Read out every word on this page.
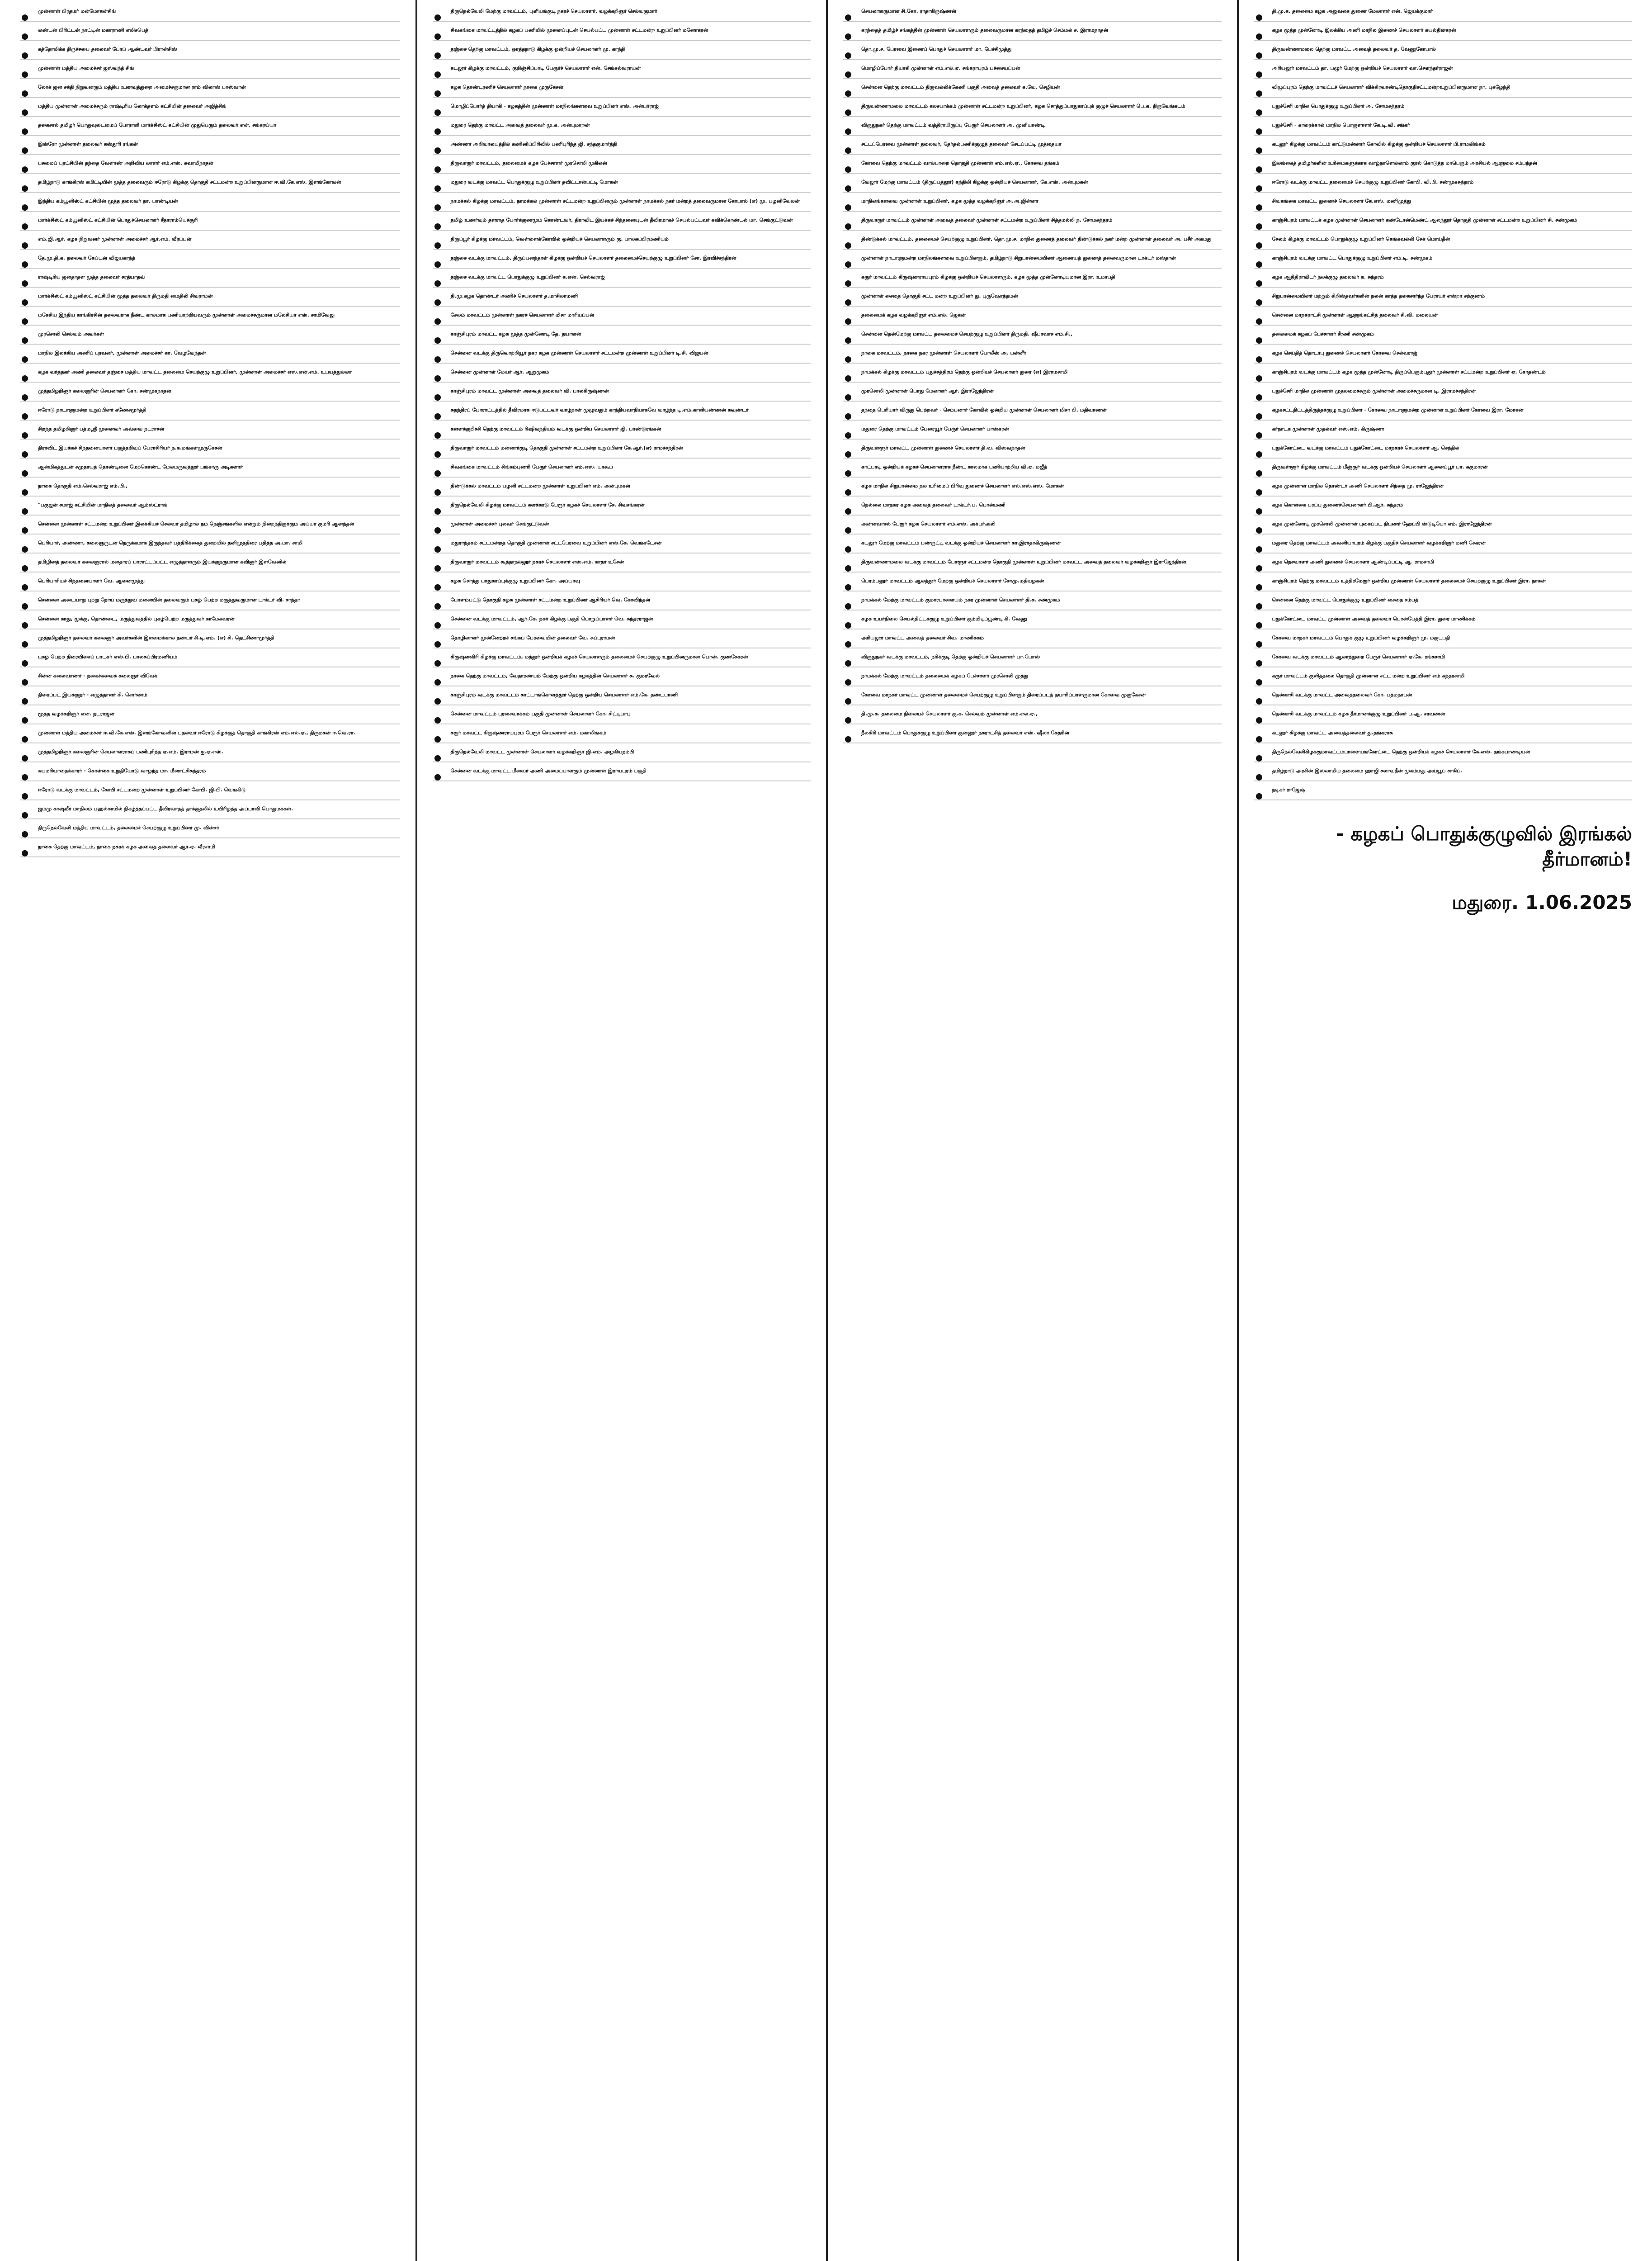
முன்னாள் பிரதமர் மன்மோகன்சிங்

லண்டன் பிரிட்டன் நாட்டின் மகாராணி எலிசபெத்

கத்தோலிக்க திருச்சபை தலைவர் போப் ஆண்டவர் பிரான்சிஸ்

முன்னாள் மத்திய அமைச்சர் ஜஸ்வந்த் சிங்

லோக் ஜன சக்தி நிறுவனரும் மத்திய உணவுத்துறை அமைச்சருமான ராம் விலாஸ் பாஸ்வான்

மத்திய முன்னாள் அமைச்சரும் ராஷ்டிரிய லோக்தளம் கட்சியின் தலைவர் அஜித்சிங்

தகைசால் தமிழர் பொதுவுடைமைப் போராளி மார்க்சிஸ்ட் கட்சியின் முதுபெரும் தலைவர் என். சங்கரய்யா

இஸ்ரோ முன்னாள் தலைவர் கஸ்தூரி ரங்கன்

பசுமைப் புரட்சியின் தந்தை வேளாண் அறிவிய லாளர் எம்.எஸ். சுவாமிநாதன்

தமிழ்நாடு காங்கிரஸ் கமிட்டியின் மூத்த தலைவரும் ஈரோடு கிழக்கு தொகுதி சட்டமன்ற உறுப்பினருமான ஈ.வி.கே.எஸ். இளங்கோவன்

இந்திய கம்யூனிஸ்ட் கட்சியின் மூத்த தலைவர் தா. பாண்டியன்

மார்க்சிஸ்ட் கம்யூனிஸ்ட் கட்சியின் பொதுச்செயலாளர் சீதாராம்யெச்சூரி

எம்.ஜி.ஆர். கழக நிறுவனர் முன்னாள் அமைச்சர் ஆர்.எம். வீரப்பன்

தே.மு.தி.க. தலைவர் கேப்டன் விஜயகாந்த்

ராஷ்டிரிய ஜனதாதள மூத்த தலைவர் சரத்யாதவ்

மார்க்சிஸ்ட் கம்யூனிஸ்ட் கட்சியின் மூத்த தலைவர் திருமதி மைதிலி சிவராமன்

மகேசிய இந்திய காங்கிரசின் தலைவராக நீண்ட காலமாக பணியாற்றியவரும் முன்னாள் அமைச்சருமான மலேசியா எஸ். சாமிவேலு

முரசொலி செல்வம் அவர்கள்

மாநில இலக்கிய அணிப் புரவலர், முன்னாள் அமைச்சர் கா. வேழவேந்தன்

கழக வர்த்தகர் அணி தலைவர் தஞ்சை மத்திய மாவட்ட தலைமை செயற்குழு உறுப்பினர், முன்னாள் அமைச்சர் எஸ்.என்.எம். உபயத்துல்லா

முத்தமிழறிஞர் கலைஞரின் செயலாளர் கோ. சண்முகநாதன்

ஈரோடு நாடாளுமன்ற உறுப்பினர் கணேசமூர்த்தி

சிறந்த தமிழறிஞர் பத்மஸ்ரீ முனைவர் அவ்வை நடராசன்

திராவிட இயக்கச் சிந்தனையாளர் பகுத்தறிவுப் பேராசிரியர் ந.க.மங்களமுருகேசன்

ஆன்மிகத்துடன் சமுதாயத் தொண்டினை மேற்கொண்ட மேல்மருவத்தூர் பங்காரு அடிகளார்

நாகை தொகுதி எம்.செல்வராஜ் எம்.பி.,

"பகுஜன் சமாஜ் கட்சியின் மாநிலத் தலைவர் ஆம்ஸ்ட்ராங்

சென்னை முன்னாள் சட்டமன்ற உறுப்பினர் இலக்கியச் செல்வர் தமிழால் நம் நெஞ்சங்களில் என்றும் நிறைந்திருக்கும் அய்யா குமரி ஆனந்தன்

பெரியார், அண்ணா, கலைஞருடன் நெருக்கமாக இருந்தவர் பத்திரிக்கைத் துறையில் தனிமுத்திரை பதித்த அ.மா. சாமி

தமிழினத் தலைவர் கலைஞரால் மனதாரப் பாராட்டப்பட்ட எழுத்தாளரும் இயக்குநருமான கவிஞர் இளவேனில்

பெரியாரியச் சிந்தனையாளர் வே. ஆனைமுத்து

சென்னை அடையாறு புற்று நோய் மருத்துவ மனையின் தலைவரும் புகழ் பெற்ற மருத்துவருமான டாக்டர் வி. சாந்தா

சென்னை காது, மூக்கு, தொண்டை, மருத்துவத்தில் புகழ்பெற்ற மருத்துவர் காமேசுவரன்

முத்தமிழறிஞர் தலைவர் கலைஞர் அவர்களின் இளமைக்கால நண்பர் சி.டி.எம். (எ) சி. தெட்சிணாமூர்த்தி

புகழ் பெற்ற திரையிசைப் பாடகர் எஸ்.பி. பாலசுப்பிரமணியம்

சின்ன கலைவாணர் - நகைச்சுவைக் கலைஞர் விவேக்

திரைப்பட இயக்குநர் - எழுத்தாளர் கி. சொர்ணம்

மூத்த வழக்கறிஞர் என். நடராஜன்

முன்னாள் மத்திய அமைச்சர் ஈ.வி.கே.எஸ். இளங்கோவனின் புதல்வர் ஈரோடு கிழக்குத் தொகுதி காங்கிரஸ் எம்.எல்.ஏ., திருமகன் ஈ.வெ.ரா.

முத்தமிழறிஞர் கலைஞரின் செயலாளராகப் பணிபுரிந்த ஏ.எம். இராமன் ஐ.ஏ.எஸ்.

சுயமரியாதைக்காரர் - கொள்கை உறுதியோடு வாழ்ந்த மா. மீனாட்சிசுந்தரம்

ஈரோடு வடக்கு மாவட்டம், கோபி சட்டமன்ற முன்னாள் உறுப்பினர் கோபி. ஜி.பி. வெங்கிடு

ஜம்மு காஷ்மீர் மாநிலம் பஹல்காமில் நிகழ்த்தப்பட்ட தீவிரவாதத் தாக்குதலில் உயிரிழந்த அப்பாவி பொதுமக்கள்.

திருநெல்வேலி மத்திய மாவட்டம், தலைமைச் செயற்குழு உறுப்பினர் மு. வின்சர்

நாகை தெற்கு மாவட்டம், நாகை நகரக் கழக அவைத் தலைவர் ஆர்.ஏ. வீரசாமி

திருநெல்வேலி மேற்கு மாவட்டம், புளியங்குடி நகரச் செயலாளர், வழக்கறிஞர் செல்வகுமார்

சிவகங்கை மாவட்டத்தில் கழகப் பணியில் முனைப்புடன் செயல்பட்ட முன்னாள் சட்டமன்ற உறுப்பினர் மனோகரன்

தஞ்சை தெற்கு மாவட்டம், ஒரத்தநாடு கிழக்கு ஒன்றியச் செயலாளர் மு. காந்தி

கடலூர் கிழக்கு மாவட்டம், குறிஞ்சிப்பாடி பேரூர்ச் செயலாளர் என். சேங்கல்வராயன்

கழக தொண்டரணிச் செயலாளர் நாகை முருகேசன்

மொழிப்போர்த் தியாகி - கழகத்தின் முன்னாள் மாநிலங்களவை உறுப்பினர் எஸ். அன்பர்ராஜ்

மதுரை தெற்கு மாவட்ட அவைத் தலைவர் மு.க. அன்புமாறன்

அண்ணா அறிவாலயத்தில் கணினிப்பிரிவில் பணிபுரிந்த ஜி. சந்தகுமார்த்தி

திருவாரூர் மாவட்டம், தலைமைக் கழக பேச்சாளர் முரசொலி முகிலன்

மதுரை வடக்கு மாவட்ட பொதுக்குழு உறுப்பினர் தவிட்டான்பட்டி மோகன்

நாமக்கல் கிழக்கு மாவட்டம், நாமக்கல் முன்னாள் சட்டமன்ற உறுப்பினரும் முன்னாள் நாமக்கல் நகர் மன்றத் தலைவருமான கோபால் (எ) மு. பழனிவேலன்

தமிழ் உணர்வும் தளராத போர்க்குணமும் கொண்டவர், திராவிட இயக்கச் சிந்தனையுடன் தீவிரமாகச் செயல்பட்டவர் கவிக்கொண்டல் மா. செங்குட்டுவன்

திருப்பூர் கிழக்கு மாவட்டம், வெள்ளைக்கோவில் ஒன்றியச் செயலாளரும் கு. பாலசுப்பிரமணியம்

தஞ்சை வடக்கு மாவட்டம், திருப்பனந்தாள் கிழக்கு ஒன்றியச் செயலாளர் தலைமைச்செயற்குழு உறுப்பினர் சோ. இரவிச்சந்திரன்

தஞ்சை வடக்கு மாவட்ட பொதுக்குழு உறுப்பினர் க.என். செல்வராஜ்

தி.மு.கழக தொண்டர் அணிச் செயலாளர் த.மாசிலாமணி

சேலம் மாவட்டம் முன்னாள் நகரச் செயலாளர் மிசா மாரியப்பன்

காஞ்சிபுரம் மாவட்ட கழக மூத்த முன்னோடி தே. தயாளன்

சென்னை வடக்கு திருவொற்றியூர் நகர கழக முன்னாள் செயலாளர் சட்டமன்ற முன்னாள் உறுப்பினர் டி.சி. விஜயன்

சென்னை முன்னாள் மேயர் ஆர். ஆறுமுகம்

காஞ்சிபுரம் மாவட்ட முன்னாள் அவைத் தலைவர் வி. பாலகிருஷ்ணன்

சுதந்திரப் போராட்டத்தில் தீவிரமாக ஈடுபட்டவர் வாழ்நாள் முழுவதும் காந்தியவாதியாகவே வாழ்ந்த டி.எம்.காளியண்ணன் கவுண்டர்

கள்ளக்குறிச்சி தெற்கு மாவட்டம் ரிஷிவந்தியம் வடக்கு ஒன்றிய செயலாளர் ஜி. பாண்டுரங்கன்

திருவாரூர் மாவட்டம் மன்னார்குடி தொகுதி முன்னாள் சட்டமன்ற உறுப்பினர் கே.ஆர்.(எ) ராமச்சந்திரன்

சிவகங்கை மாவட்டம் சிங்கம்புணரி பேரூர் செயலாளர் எம்.எஸ். யாகூப்

திண்டுக்கல் மாவட்டம் பழனி சட்டமன்ற முன்னாள் உறுப்பினர் எம். அன்புமகன்

திருநெல்வேலி கிழக்கு மாவட்டம் களக்காடு பேரூர் கழகச் செயலாளர் சே. சிவசங்கரன்

முன்னாள் அமைச்சர் புலவர் செங்குட்டுவன்

மதுராந்தகம் சட்டமன்றத் தொகுதி முன்னாள் சட்டபேரவை உறுப்பினர் எஸ்.கே. வெங்கடேசன்

திருவாரூர் மாவட்டம் கூத்தாநல்லூர் நகரச் செயலாளர் எஸ்.எம். காதர் உசேன்

கழக சொத்து பாதுகாப்புக்குழு உறுப்பினர் கோ. அய்யாவு

போளம்பட்டு தொகுதி கழக முன்னாள் சட்டமன்ற உறுப்பினர் ஆசிரியர் வெ. கோவிந்தன்

சென்னை வடக்கு மாவட்டம், ஆர்.கே. நகர் கிழக்கு பகுதி பொறுப்பாளர் வெ. சுந்தரராஜன்

தொழிலாளர் முன்னேற்றச் சங்கப் பேரவையின் தலைவர் வே. சுப்புராமன்

கிருஷ்ணகிரி கிழக்கு மாவட்டம், மத்தூர் ஒன்றியக் கழகச் செயலாளரும் தலைமைச் செயற்குழு உறுப்பினருமான பொன். குணசேகரன்

நாகை தெற்கு மாவட்டம், வேதாரண்யம் மேற்கு ஒன்றிய கழகத்தின் செயலாளர் சு. குமரவேல்

காஞ்சிபுரம் வடக்கு மாவட்டம் காட்டாங்கொளத்தூர் தெற்கு ஒன்றிய செயலாளர் எம்.கே. தண்டபாணி

சென்னை மாவட்டம் புரசைவாக்கம் பகுதி முன்னாள் செயலாளர் கோ. சிட்டிபாபு

கரூர் மாவட்ட கிருஷ்ணராயபுரம் பேரூர் செயலாளர் எம். மகாலிங்கம்

திருநெல்வேலி மாவட்ட முன்னாள் செயலாளர் வழக்கறிஞர் ஜி.எம். அழகியநம்பி

சென்னை வடக்கு மாவட்ட மீனவர் அணி அமைப்பாளரும் முன்னாள் இராயபுரம் பகுதி

செயலாளருமான சி.கோ. ராதாகிருஷ்ணன்

கரந்தைத் தமிழ்ச் சங்கத்தின் முன்னாள் செயலாளரும் தலைவருமான கரந்தைத் தமிழ்ச் செம்மல் ச. இராமநாதன்

தொ.மு.ச. பேரவை இணைப் பொதுச் செயலாளர் மா. பேச்சிமுத்து

மொழிப்போர் தியாகி முன்னாள் எம்.எல்.ஏ. சங்கராபுரம் பச்சையப்பன்

சென்னை தெற்கு மாவட்டம் திருவல்லிக்கேணி பகுதி அவைத் தலைவர் க.வே. செழியன்

திருவண்ணாமலை மாவட்டம் கலசபாக்கம் முன்னாள் சட்டமன்ற உறுப்பினர், கழக சொத்துப்பாதுகாப்புக் குழுச் செயலாளர் பெ.சு. திருவேங்கடம்

விருதுநகர் தெற்கு மாவட்டம் வத்திராயிருப்பு பேரூர் செயலாளர் அ. முனியாண்டி

சட்டப்பேரவை முன்னாள் தலைவர், தேர்தல்பணிக்குழுத் தலைவர் சேடப்பட்டி முத்தையா

கோவை தெற்கு மாவட்டம் வால்பாறை தொகுதி முன்னாள் எம்.எல்.ஏ., கோவை தங்கம்

வேலூர் மேற்கு மாவட்டம் (திருப்பத்தூர்) கந்திலி கிழக்கு ஒன்றியச் செயலாளர், கே.எஸ். அன்புமகன்

மாநிலங்களவை முன்னாள் உறுப்பினர், கழக மூத்த வழக்கறிஞர் அ.அ.ஜின்னா

திருவாரூர் மாவட்டம் முன்னாள் அவைத் தலைவர் முன்னாள் சட்டமன்ற உறுப்பினர் சித்தமல்லி ந. சோமசுந்தரம்

திண்டுக்கல் மாவட்டம், தலைமைச் செயற்குழு உறுப்பினர், தொ.மு.ச. மாநில துணைத் தலைவர் திண்டுக்கல் நகர் மன்ற முன்னாள் தலைவர் அ. பசீர் அகமது

முன்னாள் நாடாளுமன்ற மாநிலங்களவை உறுப்பினரும், தமிழ்நாடு சிறுபான்மையினர் ஆணையத் துணைத் தலைவருமான டாக்டர் மஸ்தான்

கரூர் மாவட்டம் கிருஷ்ணராயபுரம் கிழக்கு ஒன்றியச் செயலாளரும், கழக மூத்த முன்னோடியுமான இரா. உமாபதி

முன்னாள் சைதை தொகுதி சட்ட மன்ற உறுப்பினர் து. புருஷோத்தமன்

தலைமைக் கழக வழக்கறிஞர் எம்.எல். ஜெகன்

சென்னை தென்மேற்கு மாவட்ட தலைமைச் செயற்குழு உறுப்பினர் திருமதி. ஷீபாவாச எம்.சி.,

நாகை மாவட்டம், நாகை நகர முன்னாள் செயலாளர் போலீஸ் அ. பன்னீர்

நாமக்கல் கிழக்கு மாவட்டம் புதுச்சத்திரம் தெற்கு ஒன்றியச் செயலாளர் துரை (எ) இராமசாமி

முரசொலி முன்னாள் பொது மேலாளர் ஆர். இராஜேந்திரன்

தந்தை பெரியார் விருது பெற்றவர் - செம்பனார் கோவில் ஒன்றிய முன்னாள் செயலாளர் மிசா பி. மதிவாணன்

மதுரை தெற்கு மாவட்டம் பேரையூர் பேரூர் செயலாளர் பாஸ்கரன்

திருவள்ளூர் மாவட்ட முன்னாள் துணைச் செயலாளர் தி.வ. விஸ்வநாதன்

காட்பாடி ஒன்றியக் கழகச் செயலாளராக நீண்ட காலமாக பணியாற்றிய வி.ஏ. மஜீத்

கழக மாநில சிறுபான்மை நல உரிமைப் பிரிவு துணைச் செயலாளர் எல்.எஸ்.எஸ். மோகன்

நெல்லை மாநகர கழக அவைத் தலைவர் டாக்டர்.ப. பொன்மணி

அன்னவாசல் பேரூர் கழக செயலாளர் எம்.எஸ். அக்பர்அலி

கடலூர் மேற்கு மாவட்டம் பண்ருட்டி வடக்கு ஒன்றியச் செயலாளர் கா.இராதாகிருஷ்ணன்

திருவண்ணாமலை வடக்கு மாவட்டம் போளூர் சட்டமன்ற தொகுதி முன்னாள் உறுப்பினர் மாவட்ட அவைத் தலைவர் வழக்கறிஞர் இராஜேந்திரன்

பெரம்பலூர் மாவட்டம் ஆலத்தூர் மேற்கு ஒன்றியச் செயலாளர் சோமு.மதியழகன்

நாமக்கல் மேற்கு மாவட்டம் குமாரபாளையம் நகர முன்னாள் செயலாளர் தி.க. சண்முகம்

கழக உயர்நிலை செயல்திட்டக்குழு உறுப்பினர் கும்மிடிப்பூண்டி கி. வேணு

அரியலூர் மாவட்ட அவைத் தலைவர் சிவ. மாணிக்கம்

விருதுநகர் வடக்கு மாவட்டம், நரிக்குடி தெற்கு ஒன்றியச் செயலாளர் பா.போஸ்

நாமக்கல் மேற்கு மாவட்டம் தலைமைக் கழகப் பேச்சாளர் முரசொலி முத்து

கோவை மாநகர் மாவட்ட முன்னாள் தலைமைச் செயற்குழு உறுப்பினரும் திரைப்படத் தயாரிப்பாளருமான கோவை முருகேசன்

தி.மு.க. தலைமை நிலையச் செயலாளர் கு.க. செல்வம் முன்னாள் எம்.எல்.ஏ.,

நீலகிரி மாவட்டம் பொதுக்குழு உறுப்பினர் குன்னூர் நகராட்சித் தலைவர் எஸ். ஷீலா கேதரின்

தி.மு.க. தலைமை கழக அலுவலக துணை மேலாளர் என். ஜெயக்குமார்

கழக மூத்த முன்னோடி இலக்கிய அணி மாநில இணைச் செயலாளர் கயல்தினகரன்

திருவண்ணாமலை தெற்கு மாவட்ட அவைத் தலைவர் த. வேணுகோபால்

அரியலூர் மாவட்டம் தா. பழூர் மேற்கு ஒன்றியச் செயலாளர் வா.சௌந்தர்ராஜன்

விழுப்புரம் தெற்கு மாவட்டச் செயலாளர் விக்கிரவாண்டிதொகுதிசட்டமன்றஉறுப்பினருமான நா. புகழேந்தி

புதுச்சேரி மாநில பொதுக்குழு உறுப்பினர் அ. சோமசுந்தரம்

புதுச்சேரி - காரைக்கால் மாநில பொருளாளர் கே.டி.வி. சங்கர்

கடலூர் கிழக்கு மாவட்டம் காட்டுமன்னார் கோவில் கிழக்கு ஒன்றியச் செயலாளர் பி.ராமலிங்கம்

இலங்கைத் தமிழர்களின் உரிமைகளுக்காக வாழ்நாளெல்லாம் குரல் கொடுத்த மாபெரும் அரசியல் ஆளுமை சம்பந்தன்

ஈரோடு வடக்கு மாவட்ட தலைமைச் செயற்குழு உறுப்பினர் கோபி. வி.பி. சண்முகசுந்தரம்

சிவகங்கை மாவட்ட துணைச் செயலாளர் கே.எஸ். மணிமுத்து

காஞ்சிபுரம் மாவட்டக் கழக முன்னாள் செயலாளர் கண்டோன்மெண்ட் ஆலந்தூர் தொகுதி முன்னாள் சட்டமன்ற உறுப்பினர் சி. சண்முகம்

சேலம் கிழக்கு மாவட்டம் பொதுக்குழு உறுப்பினர் கெங்கவல்லி சேக் மொய்தீன்

காஞ்சிபுரம் வடக்கு மாவட்ட பொதுக்குழு உறுப்பினர் எம்.டி. சண்முகம்

கழக ஆதிதிராவிடர் நலக்குழு தலைவர் க. சுந்தரம்

சிறுபான்மையினர் மற்றும் கிறிஸ்தவர்களின் நலன் காத்த தகைசார்ந்த பேராயர் எஸ்றா சற்குணம்

சென்னை மாநகராட்சி முன்னாள் ஆளுங்கட்சித் தலைவர் சி.வி. மலையன்

தலைமைக் கழகப் பேச்சாளர் சீரணி சண்முகம்

கழக செய்தித் தொடர்பு துணைச் செயலாளர் கோவை செல்வராஜ்

காஞ்சிபுரம் வடக்கு மாவட்டம் கழக மூத்த முன்னோடி திருப்பெரும்புதூர் முன்னாள் சட்டமன்ற உறுப்பினர் ஏ. கோதண்டம்

புதுச்சேரி மாநில முன்னாள் முதலமைச்சரும் முன்னாள் அமைச்சருமான டி. இராமச்சந்திரன்

கழகசட்டதிட்டத்திருத்தக்குழு உறுப்பினர் - கோவை நாடாளுமன்ற முன்னாள் உறுப்பினர் கோவை இரா. மோகன்

கர்நாடக முன்னாள் முதல்வர் எஸ்.எம். கிருஷ்ணா

புதுக்கோட்டை வடக்கு மாவட்டம் புதுக்கோட்டை மாநகரச் செயலாளர் ஆ. செந்தில்

திருவள்ளூர் கிழக்கு மாவட்டம் மீஞ்சூர் வடக்கு ஒன்றியச் செயலாளர் ஆனைப்பூர் பா. சுகுமாரன்

கழக முன்னாள் மாநில தொண்டர் அணி செயலாளர் சிந்தை மு. ராஜேந்திரன்

கழக கொள்கை பரப்பு துணைச்செயலாளர் பி.ஆர். சுந்தரம்

கழக முன்னோடி முரசொலி முன்னாள் புகைப்பட நிபுணர் ஹேப்பி ஸ்டுடியோ எம். இராஜேந்திரன்

மதுரை தெற்கு மாவட்டம் அவனியாபுரம் கிழக்கு பகுதிச் செயலாளர் வழக்கறிஞர் மணி சேகரன்

கழக நெசவாளர் அணி துணைச் செயலாளர் ஆண்டிப்பட்டி ஆ. ராமசாமி

காஞ்சிபுரம் தெற்கு மாவட்டம் உத்திரமேரூர் ஒன்றிய முன்னாள் செயலாளர் தலைமைச் செயற்குழு உறுப்பினர் இரா. நாகன்

சென்னை தெற்கு மாவட்ட பொதுக்குழு உறுப்பினர் சைதை சம்பத்

புதுக்கோட்டை மாவட்ட முன்னாள் அவைத் தலைவர் பொன்பேத்தி இரா. துரை மாணிக்கம்

கோவை மாநகர் மாவட்டம் பொதுக் குழு உறுப்பினர் வழக்கறிஞர் மு. மகுடபதி

கோவை வடக்கு மாவட்டம் ஆலாந்துறை பேரூர் செயலாளர் ஏ.கே. ரங்கசாமி

கரூர் மாவட்டம் குளித்தலை தொகுதி முன்னாள் சட்ட மன்ற உறுப்பினர் எம் சுந்தரசாமி

தென்காசி வடக்கு மாவட்ட அவைத்தலைவர் கோ. பத்மநாபன்

தென்காசி வடக்கு மாவட்டம் கழக தீர்மானக்குழு உறுப்பினர் ப.ஆ. சரவணன்

கடலூர் கிழக்கு மாவட்ட அவைத்தலைவர் து.தங்கராசு

திருநெல்வேலிகிழக்குமாவட்டம்பாளையங்கோட்டை தெற்கு ஒன்றியக் கழகச் செயலாளர் கே.எஸ். தங்கபாண்டியன்

தமிழ்நாடு அரசின் இஸ்லாமிய தலைமை ஹாஜி சலாவுதீன் முகம்மது அய்யூப் சாகிப்.

நடிகர் ராஜேஷ்

- கழகப் பொதுக்குழுவில் இரங்கல் தீர்மானம்!
மதுரை. 1.06.2025
